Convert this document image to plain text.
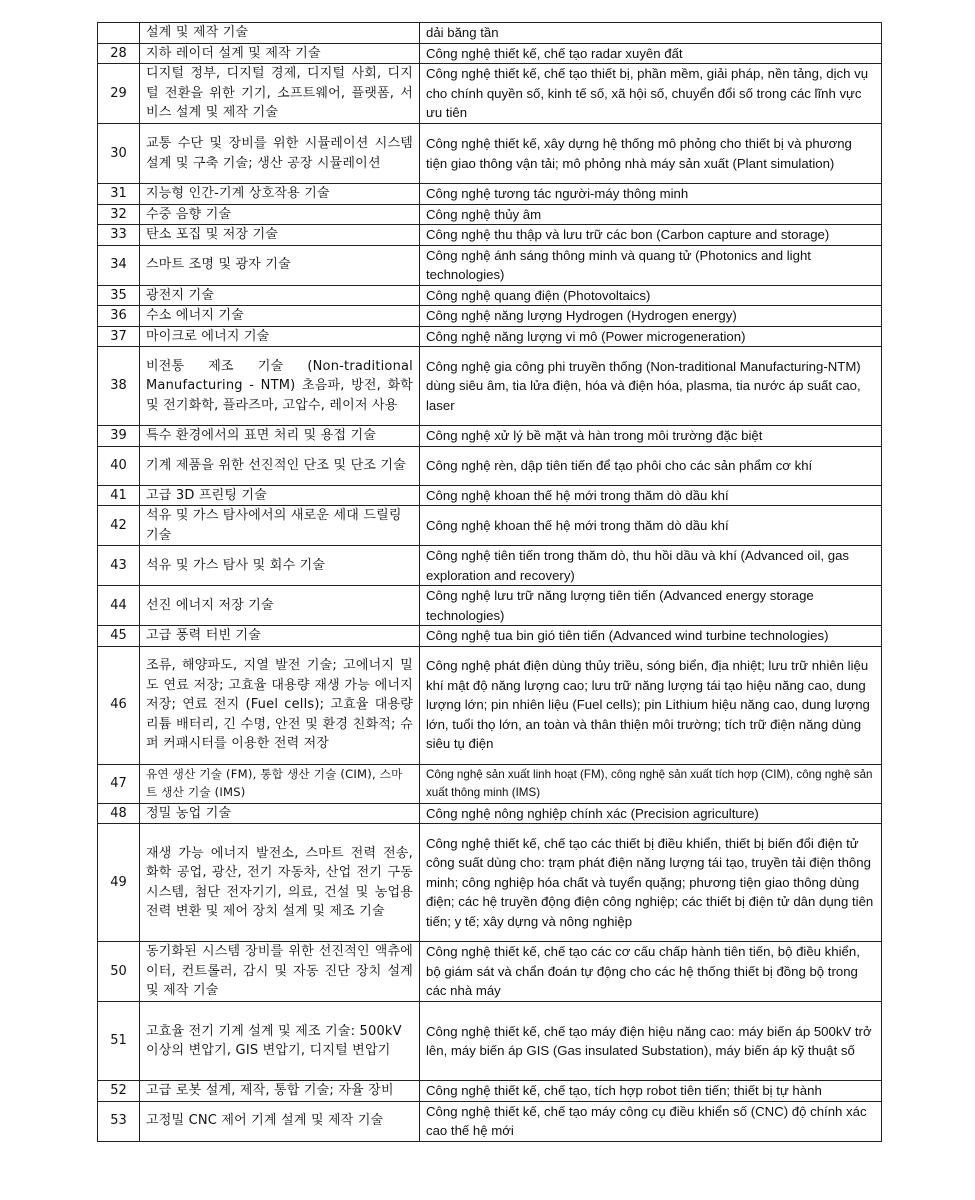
	설계 및 제작 기술	dải băng tần
28	지하 레이더 설계 및 제작 기술	Công nghệ thiết kế, chế tạo radar xuyên đất
29	디지털 정부, 디지털 경제, 디지털 사회, 디지털 전환을 위한 기기, 소프트웨어, 플랫폼, 서비스 설계 및 제작 기술	Công nghệ thiết kế, chế tạo thiết bị, phần mềm, giải pháp, nền tảng, dịch vụ cho chính quyền số, kinh tế số, xã hội số, chuyển đổi số trong các lĩnh vực ưu tiên
30	교통 수단 및 장비를 위한 시뮬레이션 시스템 설계 및 구축 기술; 생산 공장 시뮬레이션	Công nghệ thiết kế, xây dựng hệ thống mô phỏng cho thiết bị và phương tiện giao thông vận tải; mô phỏng nhà máy sản xuất (Plant simulation)
31	지능형 인간-기계 상호작용 기술	Công nghệ tương tác người-máy thông minh
32	수중 음향 기술	Công nghệ thủy âm
33	탄소 포집 및 저장 기술	Công nghệ thu thập và lưu trữ các bon (Carbon capture and storage)
34	스마트 조명 및 광자 기술	Công nghệ ánh sáng thông minh và quang tử (Photonics and light technologies)
35	광전지 기술	Công nghệ quang điện (Photovoltaics)
36	수소 에너지 기술	Công nghệ năng lượng Hydrogen (Hydrogen energy)
37	마이크로 에너지 기술	Công nghệ năng lượng vi mô (Power microgeneration)
38	비전통 제조 기술 (Non-traditional Manufacturing - NTM) 초음파, 방전, 화학 및 전기화학, 플라즈마, 고압수, 레이저 사용	Công nghệ gia công phi truyền thống (Non-traditional Manufacturing-NTM) dùng siêu âm, tia lửa điện, hóa và điện hóa, plasma, tia nước áp suất cao, laser
39	특수 환경에서의 표면 처리 및 용접 기술	Công nghệ xử lý bề mặt và hàn trong môi trường đặc biệt
40	기계 제품을 위한 선진적인 단조 및 단조 기술	Công nghệ rèn, dập tiên tiến để tạo phôi cho các sản phẩm cơ khí
41	고급 3D 프린팅 기술	Công nghệ khoan thế hệ mới trong thăm dò dầu khí
42	석유 및 가스 탐사에서의 새로운 세대 드릴링 기술	Công nghệ khoan thế hệ mới trong thăm dò dầu khí
43	석유 및 가스 탐사 및 회수 기술	Công nghệ tiên tiến trong thăm dò, thu hồi dầu và khí (Advanced oil, gas exploration and recovery)
44	선진 에너지 저장 기술	Công nghệ lưu trữ năng lượng tiên tiến (Advanced energy storage technologies)
45	고급 풍력 터빈 기술	Công nghệ tua bin gió tiên tiến (Advanced wind turbine technologies)
46	조류, 해양파도, 지열 발전 기술; 고에너지 밀도 연료 저장; 고효율 대용량 재생 가능 에너지 저장; 연료 전지 (Fuel cells); 고효율 대용량 리튬 배터리, 긴 수명, 안전 및 환경 친화적; 슈퍼 커패시터를 이용한 전력 저장	Công nghệ phát điện dùng thủy triều, sóng biển, địa nhiệt; lưu trữ nhiên liệu khí mật độ năng lượng cao; lưu trữ năng lượng tái tạo hiệu năng cao, dung lượng lớn; pin nhiên liệu (Fuel cells); pin Lithium hiệu năng cao, dung lượng lớn, tuổi thọ lớn, an toàn và thân thiện môi trường; tích trữ điện năng dùng siêu tụ điện
47	유연 생산 기술 (FM), 통합 생산 기술 (CIM), 스마트 생산 기술 (IMS)	Công nghệ sản xuất linh hoạt (FM), công nghệ sản xuất tích hợp (CIM), công nghệ sản xuất thông minh (IMS)
48	정밀 농업 기술	Công nghệ nông nghiệp chính xác (Precision agriculture)
49	재생 가능 에너지 발전소, 스마트 전력 전송, 화학 공업, 광산, 전기 자동차, 산업 전기 구동 시스템, 첨단 전자기기, 의료, 건설 및 농업용 전력 변환 및 제어 장치 설계 및 제조 기술	Công nghệ thiết kế, chế tạo các thiết bị điều khiển, thiết bị biến đổi điện tử công suất dùng cho: trạm phát điện năng lượng tái tạo, truyền tải điện thông minh; công nghiệp hóa chất và tuyển quặng; phương tiện giao thông dùng điện; các hệ truyền động điện công nghiệp; các thiết bị điện tử dân dụng tiên tiến; y tế; xây dựng và nông nghiệp
50	동기화된 시스템 장비를 위한 선진적인 액츄에이터, 컨트롤러, 감시 및 자동 진단 장치 설계 및 제작 기술	Công nghệ thiết kế, chế tạo các cơ cấu chấp hành tiên tiến, bộ điều khiển, bộ giám sát và chẩn đoán tự động cho các hệ thống thiết bị đồng bộ trong các nhà máy
51	고효율 전기 기계 설계 및 제조 기술: 500kV 이상의 변압기, GIS 변압기, 디지털 변압기	Công nghệ thiết kế, chế tạo máy điện hiệu năng cao: máy biến áp 500kV trở lên, máy biến áp GIS (Gas insulated Substation), máy biến áp kỹ thuật số
52	고급 로봇 설계, 제작, 통합 기술; 자율 장비	Công nghệ thiết kế, chế tạo, tích hợp robot tiên tiến; thiết bị tự hành
53	고정밀 CNC 제어 기계 설계 및 제작 기술	Công nghệ thiết kế, chế tạo máy công cụ điều khiển số (CNC) độ chính xác cao thế hệ mới
